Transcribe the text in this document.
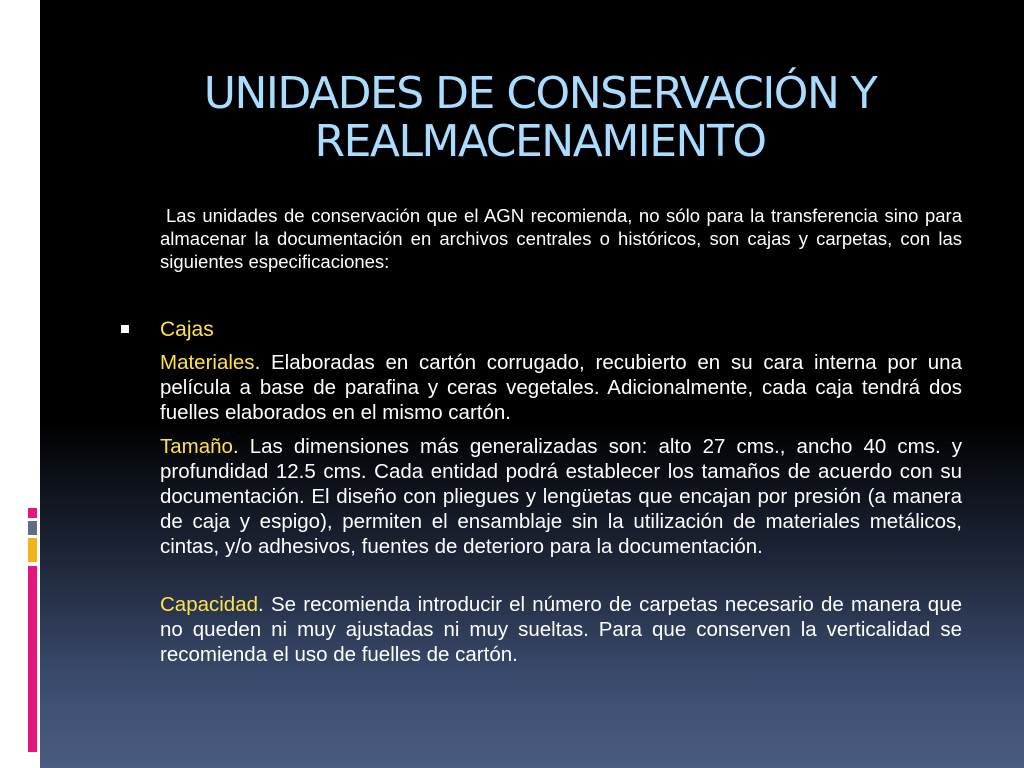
UNIDADES DE CONSERVACIÓN Y
REALMACENAMIENTO
Las unidades de conservación que el AGN recomienda, no sólo para la transferencia sino para almacenar la documentación en archivos centrales o históricos, son cajas y carpetas, con las siguientes especificaciones:
Cajas
Materiales. Elaboradas en cartón corrugado, recubierto en su cara interna por una película a base de parafina y ceras vegetales. Adicionalmente, cada caja tendrá dos fuelles elaborados en el mismo cartón.
Tamaño. Las dimensiones más generalizadas son: alto 27 cms., ancho 40 cms. y profundidad 12.5 cms. Cada entidad podrá establecer los tamaños de acuerdo con su documentación. El diseño con pliegues y lengüetas que encajan por presión (a manera de caja y espigo), permiten el ensamblaje sin la utilización de materiales metálicos, cintas, y/o adhesivos, fuentes de deterioro para la documentación.
Capacidad. Se recomienda introducir el número de carpetas necesario de manera que no queden ni muy ajustadas ni muy sueltas. Para que conserven la verticalidad se recomienda el uso de fuelles de cartón.
